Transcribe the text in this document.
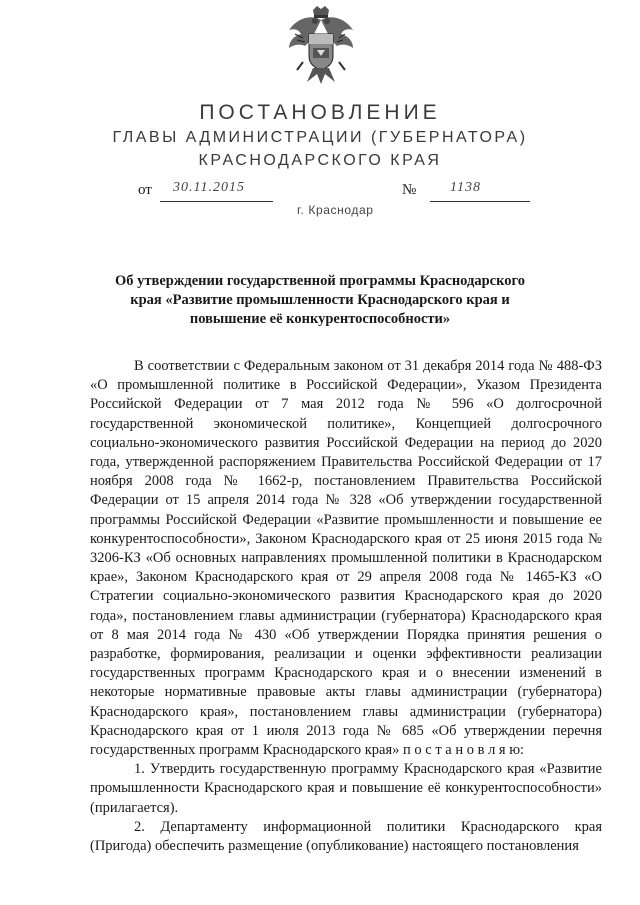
ПОСТАНОВЛЕНИЕ
ГЛАВЫ АДМИНИСТРАЦИИ (ГУБЕРНАТОРА)
КРАСНОДАРСКОГО КРАЯ
от 30.11.2015	№ 1138
г. Краснодар
Об утверждении государственной программы Краснодарского края «Развитие промышленности Краснодарского края и повышение её конкурентоспособности»

В соответствии с Федеральным законом от 31 декабря 2014 года № 488-ФЗ «О промышленной политике в Российской Федерации», Указом Президента Российской Федерации от 7 мая 2012 года № 596 «О долгосрочной государственной экономической политике», Концепцией долгосрочного социально-экономического развития Российской Федерации на период до 2020 года, утвержденной распоряжением Правительства Российской Федерации от 17 ноября 2008 года № 1662-р, постановлением Правительства Российской Федерации от 15 апреля 2014 года № 328 «Об утверждении государственной программы Российской Федерации «Развитие промышленности и повышение ее конкурентоспособности», Законом Краснодарского края от 25 июня 2015 года № 3206-КЗ «Об основных направлениях промышленной политики в Краснодарском крае», Законом Краснодарского края от 29 апреля 2008 года № 1465-КЗ «О Стратегии социально-экономического развития Краснодарского края до 2020 года», постановлением главы администрации (губернатора) Краснодарского края от 8 мая 2014 года № 430 «Об утверждении Порядка принятия решения о разработке, формирования, реализации и оценки эффективности реализации государственных программ Краснодарского края и о внесении изменений в некоторые нормативные правовые акты главы администрации (губернатора) Краснодарского края», постановлением главы администрации (губернатора) Краснодарского края от 1 июля 2013 года № 685 «Об утверждении перечня государственных программ Краснодарского края» п о с т а н о в л я ю:

1. Утвердить государственную программу Краснодарского края «Развитие промышленности Краснодарского края и повышение её конкурентоспособности» (прилагается).

2. Департаменту информационной политики Краснодарского края (Пригода) обеспечить размещение (опубликование) настоящего постановления
